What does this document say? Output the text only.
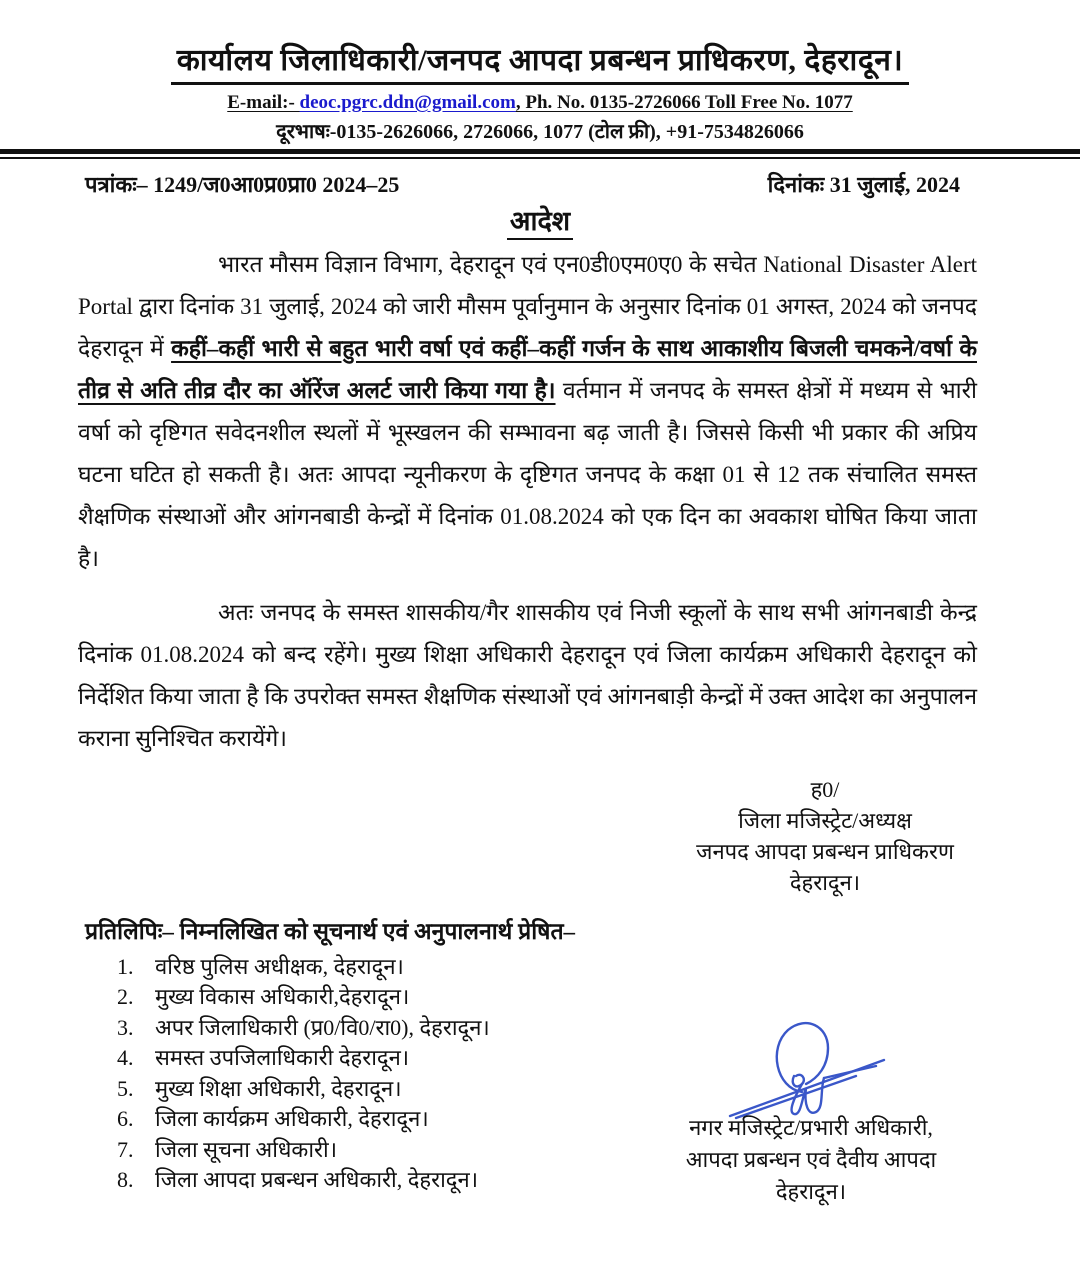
कार्यालय जिलाधिकारी/जनपद आपदा प्रबन्धन प्राधिकरण, देहरादून।
E-mail:- deoc.pgrc.ddn@gmail.com, Ph. No. 0135-2726066 Toll Free No. 1077
दूरभाषः-0135-2626066, 2726066, 1077 (टोल फ्री), +91-7534826066
पत्रांकः– 1249/ज0आ0प्र0प्रा0 2024–25	दिनांकः 31 जुलाई, 2024
आदेश

भारत मौसम विज्ञान विभाग, देहरादून एवं एन0डी0एम0ए0 के सचेत National Disaster Alert Portal द्वारा दिनांक 31 जुलाई, 2024 को जारी मौसम पूर्वानुमान के अनुसार दिनांक 01 अगस्त, 2024 को जनपद देहरादून में कहीं–कहीं भारी से बहुत भारी वर्षा एवं कहीं–कहीं गर्जन के साथ आकाशीय बिजली चमकने/वर्षा के तीव्र से अति तीव्र दौर का ऑरेंज अलर्ट जारी किया गया है। वर्तमान में जनपद के समस्त क्षेत्रों में मध्यम से भारी वर्षा को दृष्टिगत सवेदनशील स्थलों में भूस्खलन की सम्भावना बढ़ जाती है। जिससे किसी भी प्रकार की अप्रिय घटना घटित हो सकती है। अतः आपदा न्यूनीकरण के दृष्टिगत जनपद के कक्षा 01 से 12 तक संचालित समस्त शैक्षणिक संस्थाओं और आंगनबाडी केन्द्रों में दिनांक 01.08.2024 को एक दिन का अवकाश घोषित किया जाता है।

अतः जनपद के समस्त शासकीय/गैर शासकीय एवं निजी स्कूलों के साथ सभी आंगनबाडी केन्द्र दिनांक 01.08.2024 को बन्द रहेंगे। मुख्य शिक्षा अधिकारी देहरादून एवं जिला कार्यक्रम अधिकारी देहरादून को निर्देशित किया जाता है कि उपरोक्त समस्त शैक्षणिक संस्थाओं एवं आंगनबाड़ी केन्द्रों में उक्त आदेश का अनुपालन कराना सुनिश्चित करायेंगे।

ह0/
जिला मजिस्ट्रेट/अध्यक्ष
जनपद आपदा प्रबन्धन प्राधिकरण
देहरादून।
प्रतिलिपिः– निम्नलिखित को सूचनार्थ एवं अनुपालनार्थ प्रेषित–
वरिष्ठ पुलिस अधीक्षक, देहरादून।
मुख्य विकास अधिकारी,देहरादून।
अपर जिलाधिकारी (प्र0/वि0/रा0), देहरादून।
समस्त उपजिलाधिकारी देहरादून।
मुख्य शिक्षा अधिकारी, देहरादून।
जिला कार्यक्रम अधिकारी, देहरादून।
जिला सूचना अधिकारी।
जिला आपदा प्रबन्धन अधिकारी, देहरादून।
नगर मजिस्ट्रेट/प्रभारी अधिकारी,
आपदा प्रबन्धन एवं दैवीय आपदा
देहरादून।
